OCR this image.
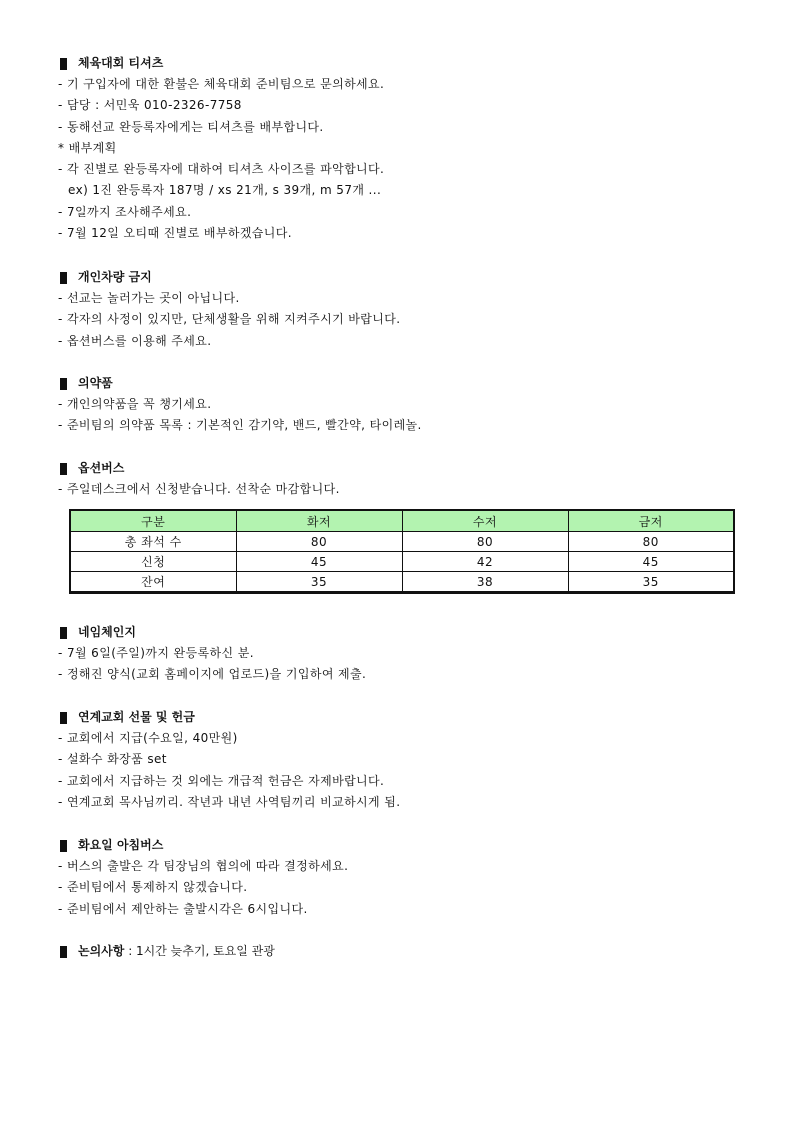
체육대회 티셔츠
- 기 구입자에 대한 환불은 체육대회 준비팀으로 문의하세요.
- 담당 : 서민욱 010-2326-7758
- 동해선교 완등록자에게는 티셔츠를 배부합니다.
* 배부계획
- 각 진별로 완등록자에 대하여 티셔츠 사이즈를 파악합니다.
ex) 1진 완등록자 187명 / xs 21개, s 39개, m 57개 ...
- 7일까지 조사해주세요.
- 7월 12일 오티때 진별로 배부하겠습니다.
개인차량 금지
- 선교는 놀러가는 곳이 아닙니다.
- 각자의 사정이 있지만, 단체생활을 위해 지켜주시기 바랍니다.
- 옵션버스를 이용해 주세요.
의약품
- 개인의약품을 꼭 챙기세요.
- 준비팀의 의약품 목록 : 기본적인 감기약, 밴드, 빨간약, 타이레놀.
옵션버스
- 주일데스크에서 신청받습니다. 선착순 마감합니다.
구분	화저	수저	금저
총 좌석 수	80	80	80
신청	45	42	45
잔여	35	38	35
네임체인지
- 7월 6일(주일)까지 완등록하신 분.
- 정해진 양식(교회 홈페이지에 업로드)을 기입하여 제출.
연계교회 선물 및 헌금
- 교회에서 지급(수요일, 40만원)
- 설화수 화장품 set
- 교회에서 지급하는 것 외에는 개급적 헌금은 자제바랍니다.
- 연계교회 목사님끼리. 작년과 내년 사역팀끼리 비교하시게 됨.
화요일 아침버스
- 버스의 출발은 각 팀장님의 협의에 따라 결정하세요.
- 준비팀에서 통제하지 않겠습니다.
- 준비팀에서 제안하는 출발시각은 6시입니다.
논의사항 : 1시간 늦추기, 토요일 관광
